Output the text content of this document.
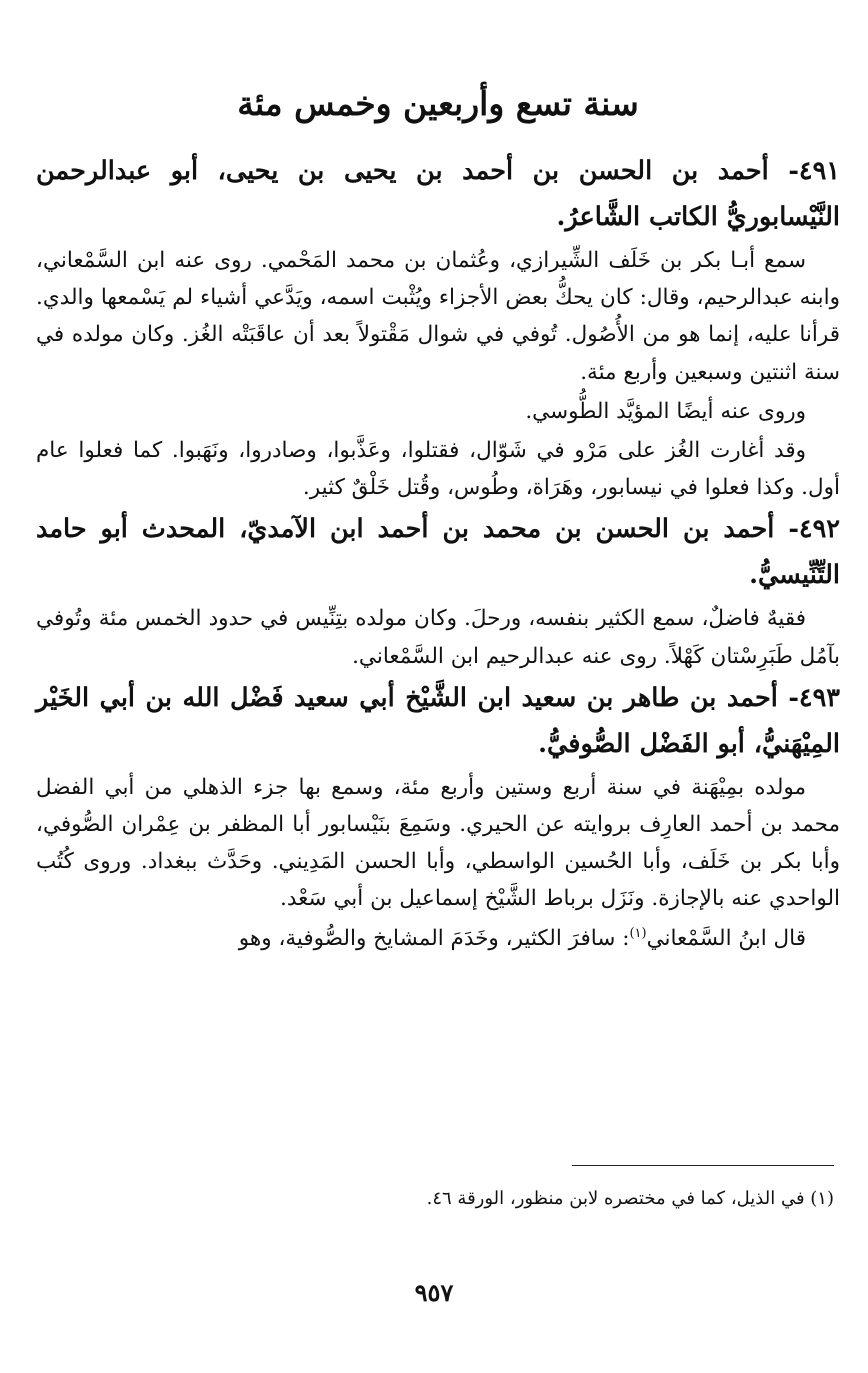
سنة تسع وأربعين وخمس مئة

٤٩١- أحمد بن الحسن بن أحمد بن يحيى بن يحيى، أبو عبدالرحمن النَّيْسابوريُّ الكاتب الشَّاعرُ.

سمع أبـا بكر بن خَلَف الشِّيرازي، وعُثمان بن محمد المَحْمي. روى عنه ابن السَّمْعاني، وابنه عبدالرحيم، وقال: كان يحكُّ بعض الأجزاء ويُثْبت اسمه، ويَدَّعي أشياء لم يَسْمعها والدي. قرأنا عليه، إنما هو من الأُصُول. تُوفي في شوال مَقْتولاً بعد أن عاقَبَتْه الغُز. وكان مولده في سنة اثنتين وسبعين وأربع مئة.

وروى عنه أيضًا المؤيَّد الطُّوسي.

وقد أغارت الغُز على مَرْو في شَوّال، فقتلوا، وعَذَّبوا، وصادروا، ونَهَبوا. كما فعلوا عام أول. وكذا فعلوا في نيسابور، وهَرَاة، وطُوس، وقُتل خَلْقٌ كثير.

٤٩٢- أحمد بن الحسن بن محمد بن أحمد ابن الآمديّ، المحدث أبو حامد التِّنِّيسيُّ.

فقيهٌ فاضلٌ، سمع الكثير بنفسه، ورحلَ. وكان مولده بتِنِّيس في حدود الخمس مئة وتُوفي بآمُل طَبَرِسْتان كَهْلاً. روى عنه عبدالرحيم ابن السَّمْعاني.

٤٩٣- أحمد بن طاهر بن سعيد ابن الشَّيْخ أبي سعيد فَضْل الله بن أبي الخَيْر المِيْهَنيُّ، أبو الفَضْل الصُّوفيُّ.

مولده بمِيْهَنة في سنة أربع وستين وأربع مئة، وسمع بها جزء الذهلي من أبي الفضل محمد بن أحمد العارِف بروايته عن الحيري. وسَمِعَ بنَيْسابور أبا المظفر بن عِمْران الصُّوفي، وأبا بكر بن خَلَف، وأبا الحُسين الواسطي، وأبا الحسن المَدِيني. وحَدَّث ببغداد. وروى كُتُب الواحدي عنه بالإجازة. ونَزَل برباط الشَّيْخ إسماعيل بن أبي سَعْد.

قال ابنُ السَّمْعاني$^{(١)}$: سافرَ الكثير، وخَدَمَ المشايخ والصُّوفية، وهو

(١) في الذيل، كما في مختصره لابن منظور، الورقة ٤٦.

٩٥٧
